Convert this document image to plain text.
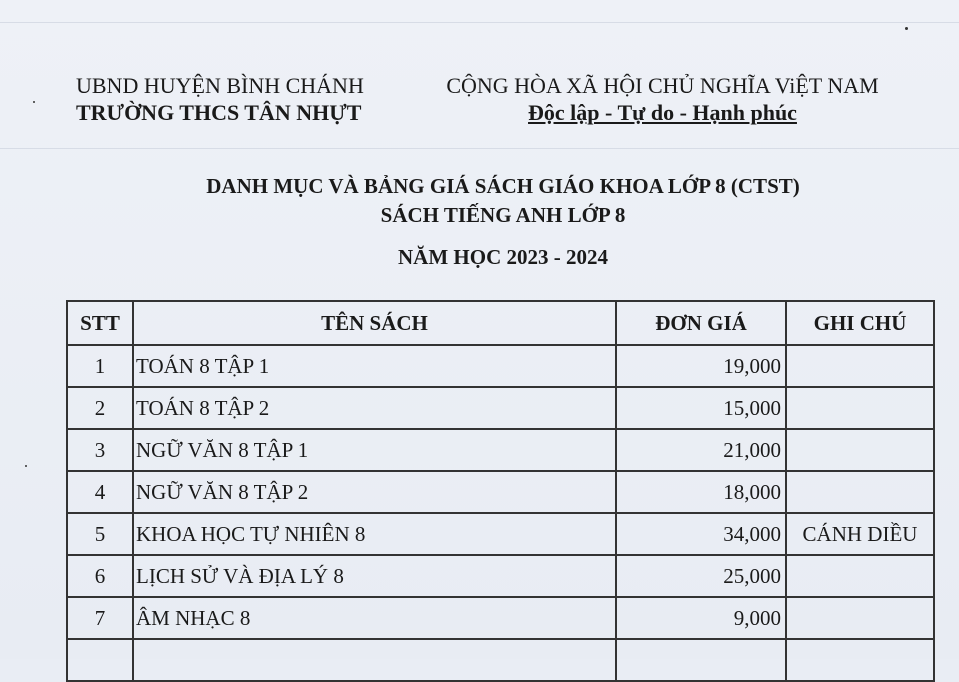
UBND HUYỆN BÌNH CHÁNH
TRƯỜNG THCS TÂN NHỰT
CỘNG HÒA XÃ HỘI CHỦ NGHĨA ViỆT NAM
Độc lập - Tự do - Hạnh phúc
DANH MỤC VÀ BẢNG GIÁ SÁCH GIÁO KHOA LỚP 8 (CTST)
SÁCH TIẾNG ANH LỚP 8
NĂM HỌC 2023 - 2024
STT	TÊN SÁCH	ĐƠN GIÁ	GHI CHÚ
1	TOÁN 8 TẬP 1	19,000	
2	TOÁN 8 TẬP 2	15,000	
3	NGỮ VĂN 8 TẬP 1	21,000	
4	NGỮ VĂN 8 TẬP 2	18,000	
5	KHOA HỌC TỰ NHIÊN 8	34,000	CÁNH DIỀU
6	LỊCH SỬ VÀ ĐỊA LÝ 8	25,000	
7	ÂM NHẠC 8	9,000	
